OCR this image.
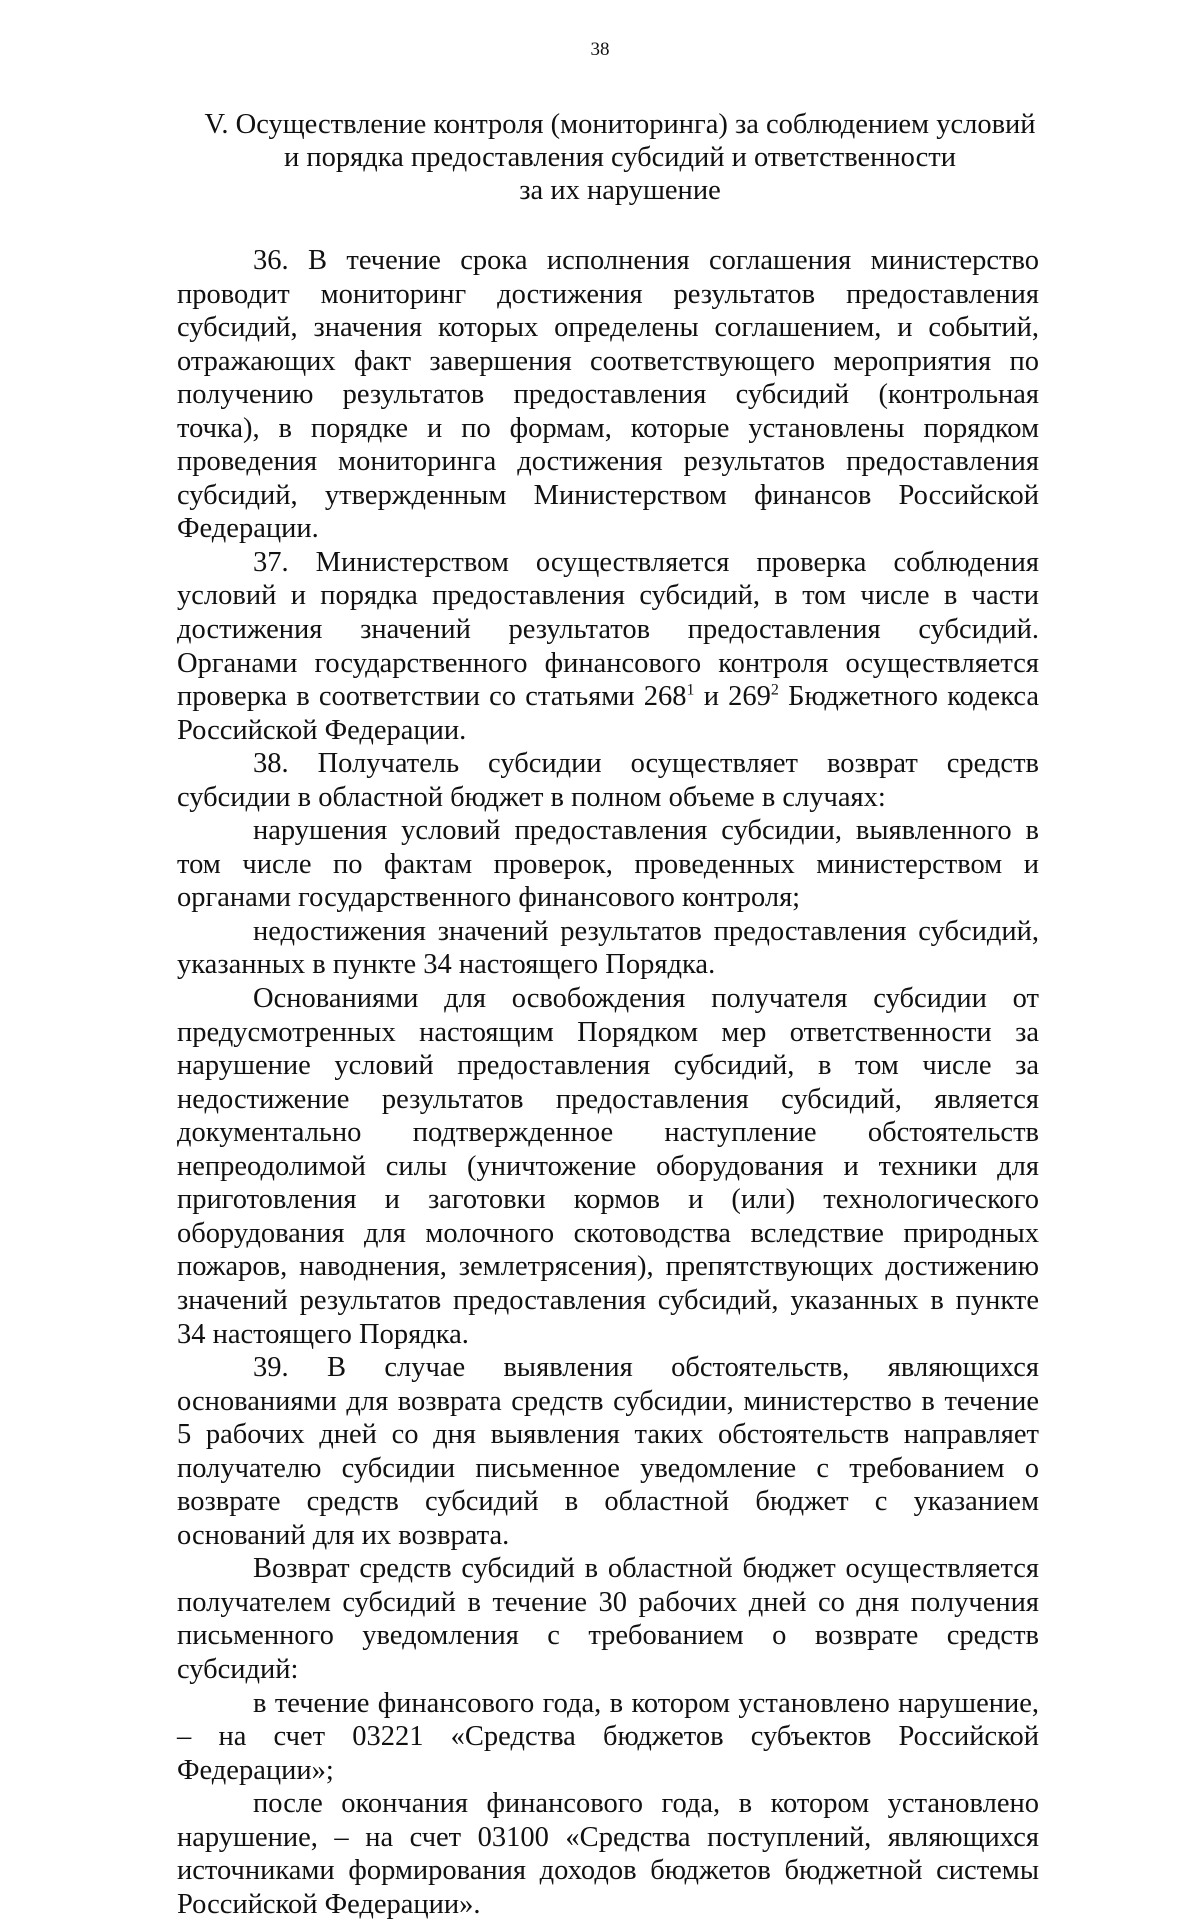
38
V. Осуществление контроля (мониторинга) за соблюдением условий
и порядка предоставления субсидий и ответственности
за их нарушение

36. В течение срока исполнения соглашения министерство проводит мониторинг достижения результатов предоставления субсидий, значения которых определены соглашением, и событий, отражающих факт завершения соответствующего мероприятия по получению результатов предоставления субсидий (контрольная точка), в порядке и по формам, которые установлены порядком проведения мониторинга достижения результатов предоставления субсидий, утвержденным Министерством финансов Российской Федерации.

37. Министерством осуществляется проверка соблюдения условий и порядка предоставления субсидий, в том числе в части достижения значений результатов предоставления субсидий. Органами государственного финансового контроля осуществляется проверка в соответствии со статьями $268^1$ и $269^2$ Бюджетного кодекса Российской Федерации.

38. Получатель субсидии осуществляет возврат средств субсидии в областной бюджет в полном объеме в случаях:

нарушения условий предоставления субсидии, выявленного в том числе по фактам проверок, проведенных министерством и органами государственного финансового контроля;

недостижения значений результатов предоставления субсидий, указанных в пункте 34 настоящего Порядка.

Основаниями для освобождения получателя субсидии от предусмотренных настоящим Порядком мер ответственности за нарушение условий предоставления субсидий, в том числе за недостижение результатов предоставления субсидий, является документально подтвержденное наступление обстоятельств непреодолимой силы (уничтожение оборудования и техники для приготовления и заготовки кормов и (или) технологического оборудования для молочного скотоводства вследствие природных пожаров, наводнения, землетрясения), препятствующих достижению значений результатов предоставления субсидий, указанных в пункте 34 настоящего Порядка.

39. В случае выявления обстоятельств, являющихся основаниями для возврата средств субсидии, министерство в течение 5 рабочих дней со дня выявления таких обстоятельств направляет получателю субсидии письменное уведомление с требованием о возврате средств субсидий в областной бюджет с указанием оснований для их возврата.

Возврат средств субсидий в областной бюджет осуществляется получателем субсидий в течение 30 рабочих дней со дня получения письменного уведомления с требованием о возврате средств субсидий:

в течение финансового года, в котором установлено нарушение, – на счет 03221 «Средства бюджетов субъектов Российской Федерации»;

после окончания финансового года, в котором установлено нарушение, – на счет 03100 «Средства поступлений, являющихся источниками формирования доходов бюджетов бюджетной системы Российской Федерации».
